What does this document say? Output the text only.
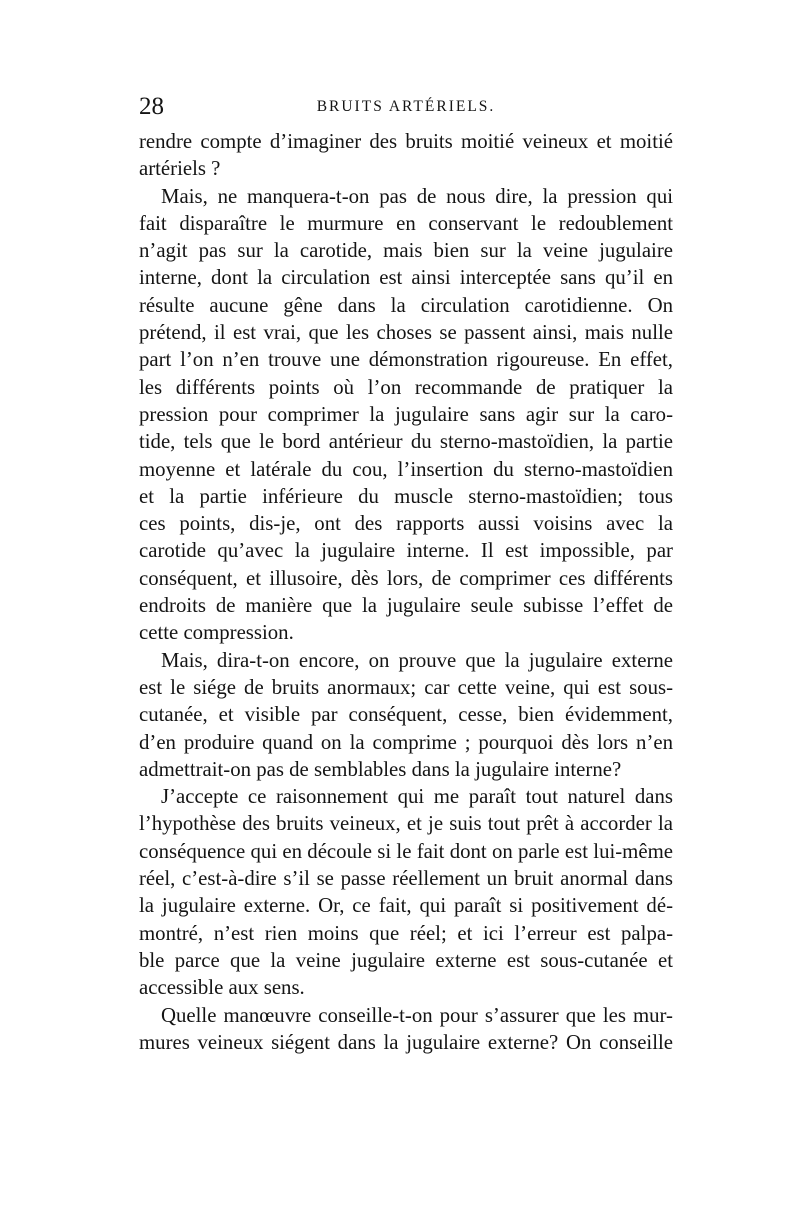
28	BRUITS ARTÉRIELS.
rendre compte d’imaginer des bruits moitié veineux et moitié
artériels ?
Mais, ne manquera-t-on pas de nous dire, la pression qui
fait disparaître le murmure en conservant le redoublement
n’agit pas sur la carotide, mais bien sur la veine jugulaire
interne, dont la circulation est ainsi interceptée sans qu’il en
résulte aucune gêne dans la circulation carotidienne. On
prétend, il est vrai, que les choses se passent ainsi, mais nulle
part l’on n’en trouve une démonstration rigoureuse. En effet,
les différents points où l’on recommande de pratiquer la
pression pour comprimer la jugulaire sans agir sur la caro-
tide, tels que le bord antérieur du sterno-mastoïdien, la partie
moyenne et latérale du cou, l’insertion du sterno-mastoïdien
et la partie inférieure du muscle sterno-mastoïdien; tous
ces points, dis-je, ont des rapports aussi voisins avec la
carotide qu’avec la jugulaire interne. Il est impossible, par
conséquent, et illusoire, dès lors, de comprimer ces différents
endroits de manière que la jugulaire seule subisse l’effet de
cette compression.
Mais, dira-t-on encore, on prouve que la jugulaire externe
est le siége de bruits anormaux; car cette veine, qui est sous-
cutanée, et visible par conséquent, cesse, bien évidemment,
d’en produire quand on la comprime ; pourquoi dès lors n’en
admettrait-on pas de semblables dans la jugulaire interne?
J’accepte ce raisonnement qui me paraît tout naturel dans
l’hypothèse des bruits veineux, et je suis tout prêt à accorder la
conséquence qui en découle si le fait dont on parle est lui-même
réel, c’est-à-dire s’il se passe réellement un bruit anormal dans
la jugulaire externe. Or, ce fait, qui paraît si positivement dé-
montré, n’est rien moins que réel; et ici l’erreur est palpa-
ble parce que la veine jugulaire externe est sous-cutanée et
accessible aux sens.
Quelle manœuvre conseille-t-on pour s’assurer que les mur-
mures veineux siégent dans la jugulaire externe? On conseille
